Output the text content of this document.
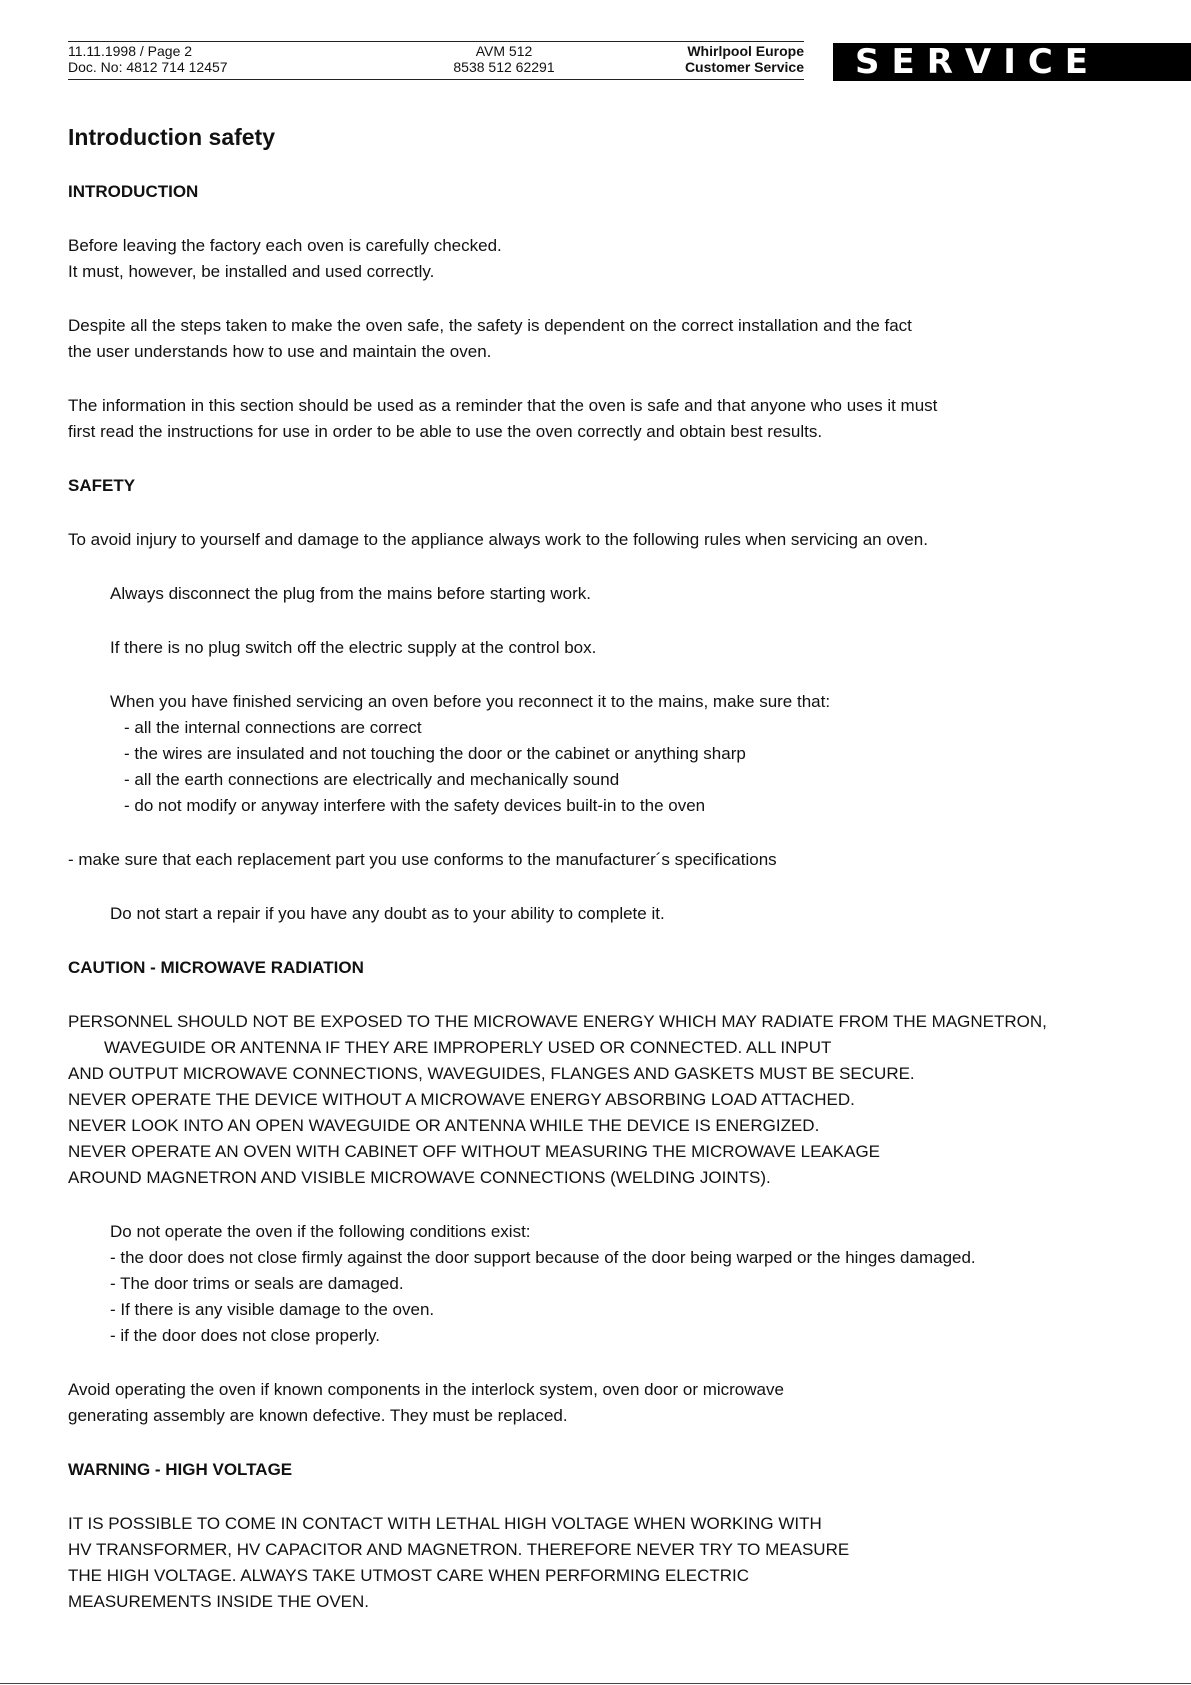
11.11.1998 / Page 2
Doc. No: 4812 714 12457
AVM 512
8538 512 62291
Whirlpool Europe
Customer Service	SERVICE
Introduction safety
INTRODUCTION

Before leaving the factory each oven is carefully checked.
It must, however, be installed and used correctly.

Despite all the steps taken to make the oven safe, the safety is dependent on the correct installation and the fact
the user understands how to use and maintain the oven.

The information in this section should be used as a reminder that the oven is safe and that anyone who uses it must
first read the instructions for use in order to be able to use the oven correctly and obtain best results.

SAFETY

To avoid injury to yourself and damage to the appliance always work to the following rules when servicing an oven.

Always disconnect the plug from the mains before starting work.

If there is no plug switch off the electric supply at the control box.

When you have finished servicing an oven before you reconnect it to the mains, make sure that:
- all the internal connections are correct
- the wires are insulated and not touching the door or the cabinet or anything sharp
- all the earth connections are electrically and mechanically sound
- do not modify or anyway interfere with the safety devices built-in to the oven

- make sure that each replacement part you use conforms to the manufacturer´s specifications

Do not start a repair if you have any doubt as to your ability to complete it.

CAUTION - MICROWAVE RADIATION

PERSONNEL SHOULD NOT BE EXPOSED TO THE MICROWAVE ENERGY WHICH MAY RADIATE FROM THE MAGNETRON,
WAVEGUIDE OR ANTENNA IF THEY ARE IMPROPERLY USED OR CONNECTED. ALL INPUT
AND OUTPUT MICROWAVE CONNECTIONS, WAVEGUIDES, FLANGES AND GASKETS MUST BE SECURE.
NEVER OPERATE THE DEVICE WITHOUT A MICROWAVE ENERGY ABSORBING LOAD ATTACHED.
NEVER LOOK INTO AN OPEN WAVEGUIDE OR ANTENNA WHILE THE DEVICE IS ENERGIZED.
NEVER OPERATE AN OVEN WITH CABINET OFF WITHOUT MEASURING THE MICROWAVE LEAKAGE
AROUND MAGNETRON AND VISIBLE MICROWAVE CONNECTIONS (WELDING JOINTS).

Do not operate the oven if the following conditions exist:
- the door does not close firmly against the door support because of the door being warped or the hinges damaged.
- The door trims or seals are damaged.
- If there is any visible damage to the oven.
- if the door does not close properly.

Avoid operating the oven if known components in the interlock system, oven door or microwave
generating assembly are known defective. They must be replaced.

WARNING - HIGH VOLTAGE

IT IS POSSIBLE TO COME IN CONTACT WITH LETHAL HIGH VOLTAGE WHEN WORKING WITH
HV TRANSFORMER, HV CAPACITOR AND MAGNETRON. THEREFORE NEVER TRY TO MEASURE
THE HIGH VOLTAGE. ALWAYS TAKE UTMOST CARE WHEN PERFORMING ELECTRIC
MEASUREMENTS INSIDE THE OVEN.
